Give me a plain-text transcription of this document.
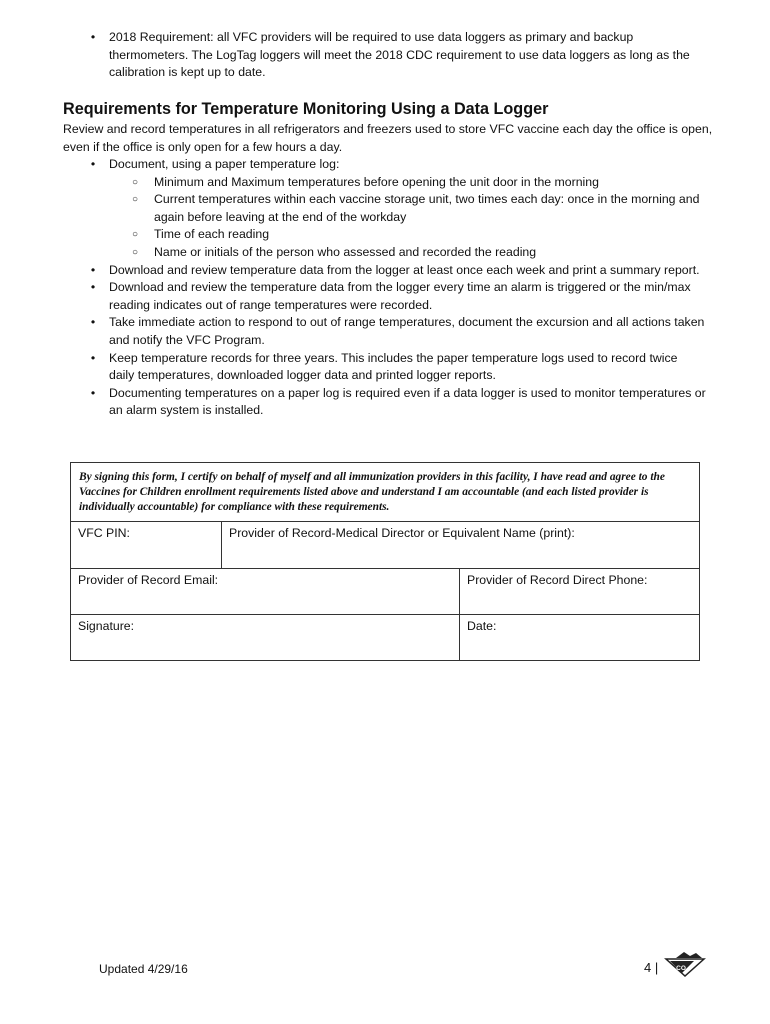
•	2018 Requirement: all VFC providers will be required to use data loggers as primary and backup thermometers. The LogTag loggers will meet the 2018 CDC requirement to use data loggers as long as the calibration is kept up to date.
Requirements for Temperature Monitoring Using a Data Logger
Review and record temperatures in all refrigerators and freezers used to store VFC vaccine each day the office is open, even if the office is only open for a few hours a day.
•	Document, using a paper temperature log:
○	Minimum and Maximum temperatures before opening the unit door in the morning
○	Current temperatures within each vaccine storage unit, two times each day: once in the morning and again before leaving at the end of the workday
○	Time of each reading
○	Name or initials of the person who assessed and recorded the reading
•	Download and review temperature data from the logger at least once each week and print a summary report.
•	Download and review the temperature data from the logger every time an alarm is triggered or the min/max reading indicates out of range temperatures were recorded.
•	Take immediate action to respond to out of range temperatures, document the excursion and all actions taken and notify the VFC Program.
•	Keep temperature records for three years. This includes the paper temperature logs used to record twice daily temperatures, downloaded logger data and printed logger reports.
•	Documenting temperatures on a paper log is required even if a data logger is used to monitor temperatures or an alarm system is installed.
By signing this form, I certify on behalf of myself and all immunization providers in this facility, I have read and agree to the Vaccines for Children enrollment requirements listed above and understand I am accountable (and each listed provider is individually accountable) for compliance with these requirements.
VFC PIN:	Provider of Record-Medical Director or Equivalent Name (print):
Provider of Record Email:	Provider of Record Direct Phone:
Signature:	Date:
Updated 4/29/16	4 |	CO
